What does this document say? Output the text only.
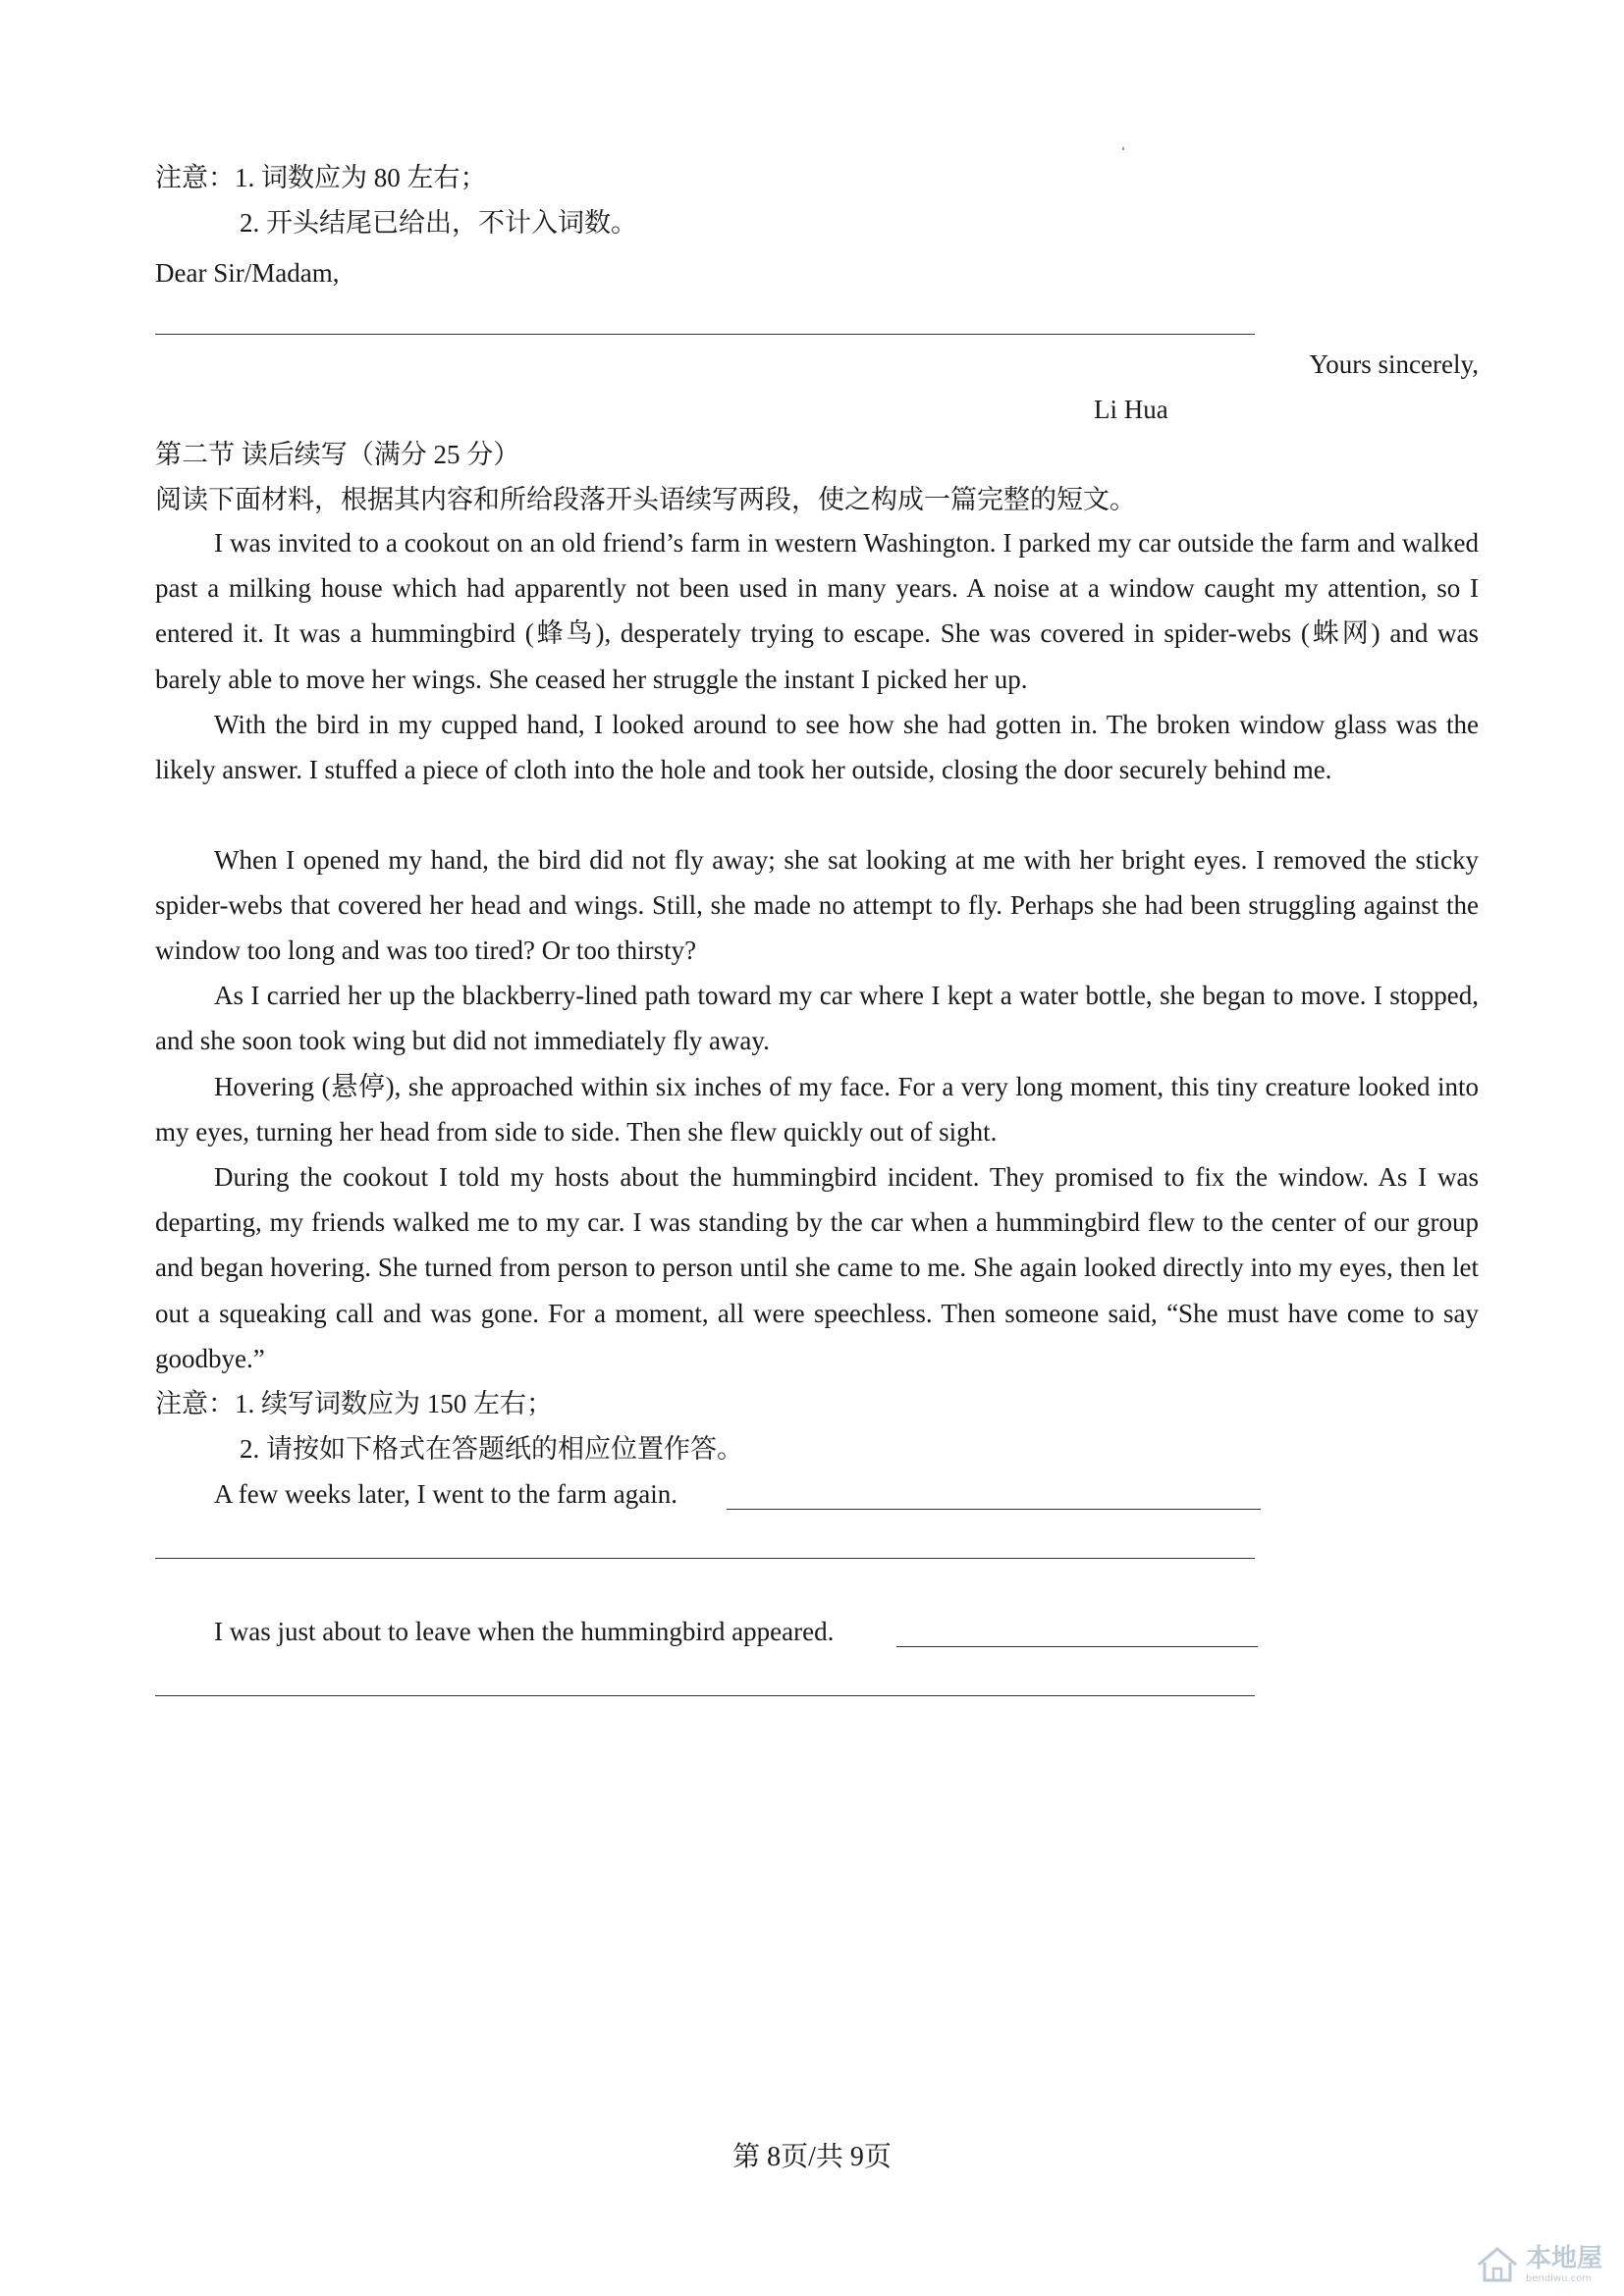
注意：1. 词数应为 80 左右；
2. 开头结尾已给出，不计入词数。
Dear Sir/Madam,
Yours sincerely,
Li Hua
第二节 读后续写（满分 25 分）
阅读下面材料，根据其内容和所给段落开头语续写两段，使之构成一篇完整的短文。

I was invited to a cookout on an old friend’s farm in western Washington. I parked my car outside the farm and walked past a milking house which had apparently not been used in many years. A noise at a window caught my attention, so I entered it. It was a hummingbird (蜂鸟), desperately trying to escape. She was covered in spider-webs (蛛网) and was barely able to move her wings. She ceased her struggle the instant I picked her up.

With the bird in my cupped hand, I looked around to see how she had gotten in. The broken window glass was the likely answer. I stuffed a piece of cloth into the hole and took her outside, closing the door securely behind me.

When I opened my hand, the bird did not fly away; she sat looking at me with her bright eyes. I removed the sticky spider-webs that covered her head and wings. Still, she made no attempt to fly. Perhaps she had been struggling against the window too long and was too tired? Or too thirsty?

As I carried her up the blackberry-lined path toward my car where I kept a water bottle, she began to move. I stopped, and she soon took wing but did not immediately fly away.

Hovering (悬停), she approached within six inches of my face. For a very long moment, this tiny creature looked into my eyes, turning her head from side to side. Then she flew quickly out of sight.

During the cookout I told my hosts about the hummingbird incident. They promised to fix the window. As I was departing, my friends walked me to my car. I was standing by the car when a hummingbird flew to the center of our group and began hovering. She turned from person to person until she came to me. She again looked directly into my eyes, then let out a squeaking call and was gone. For a moment, all were speechless. Then someone said, “She must have come to say goodbye.”

注意：1. 续写词数应为 150 左右；
2. 请按如下格式在答题纸的相应位置作答。
A few weeks later, I went to the farm again.
I was just about to leave when the hummingbird appeared.
第 8页/共 9页
本地屋
bendiwu.com
